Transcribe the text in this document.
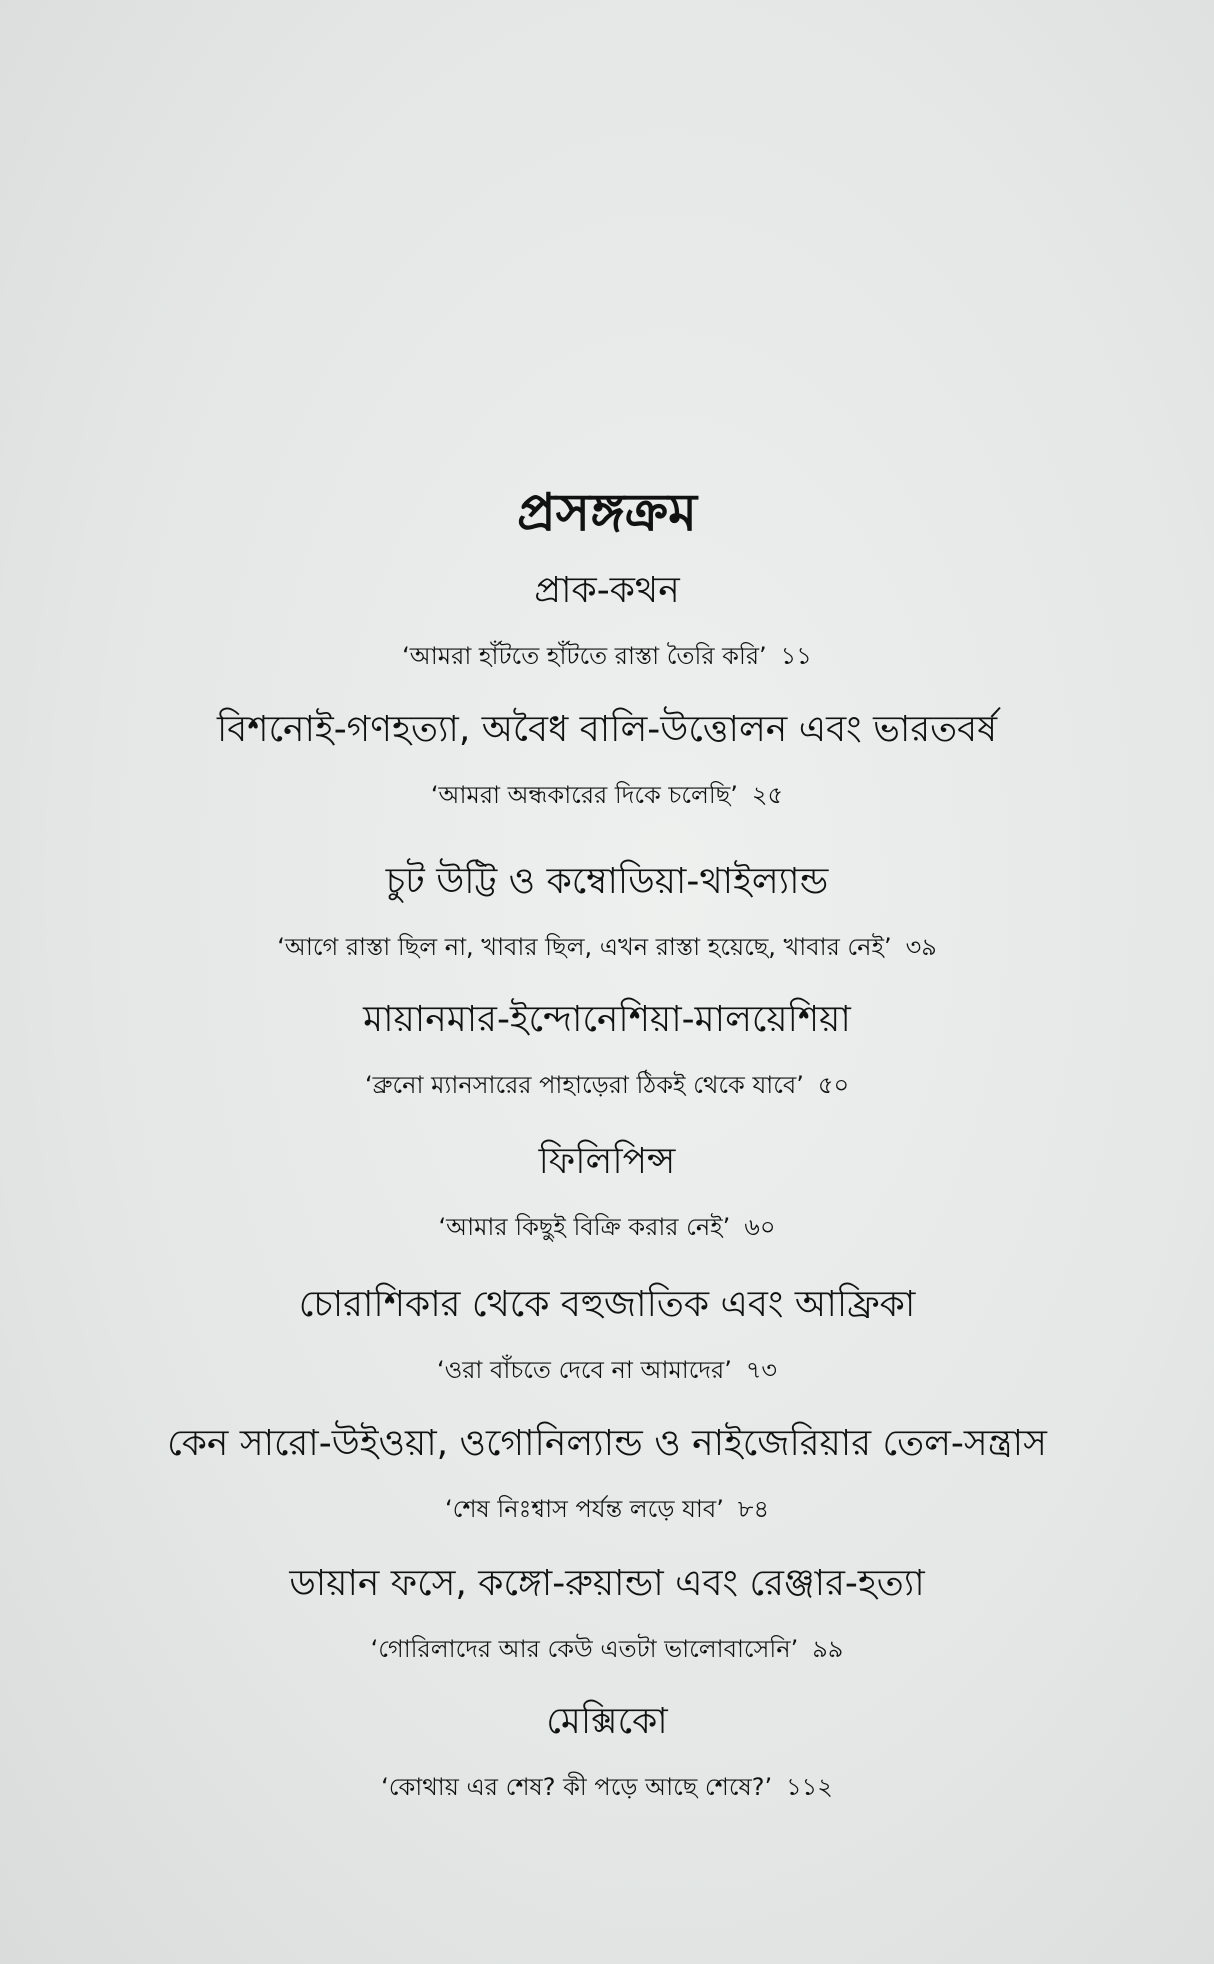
প্রসঙ্গক্রম
প্রাক-কথন
‘আমরা হাঁটতে হাঁটতে রাস্তা তৈরি করি’ ১১
বিশনোই-গণহত্যা, অবৈধ বালি-উত্তোলন এবং ভারতবর্ষ
‘আমরা অন্ধকারের দিকে চলেছি’ ২৫
চুট উট্টি ও কম্বোডিয়া-থাইল্যান্ড
‘আগে রাস্তা ছিল না, খাবার ছিল, এখন রাস্তা হয়েছে, খাবার নেই’ ৩৯
মায়ানমার-ইন্দোনেশিয়া-মালয়েশিয়া
‘ব্রুনো ম্যানসারের পাহাড়েরা ঠিকই থেকে যাবে’ ৫০
ফিলিপিন্স
‘আমার কিছুই বিক্রি করার নেই’ ৬০
চোরাশিকার থেকে বহুজাতিক এবং আফ্রিকা
‘ওরা বাঁচতে দেবে না আমাদের’ ৭৩
কেন সারো-উইওয়া, ওগোনিল্যান্ড ও নাইজেরিয়ার তেল-সন্ত্রাস
‘শেষ নিঃশ্বাস পর্যন্ত লড়ে যাব’ ৮৪
ডায়ান ফসে, কঙ্গো-রুয়ান্ডা এবং রেঞ্জার-হত্যা
‘গোরিলাদের আর কেউ এতটা ভালোবাসেনি’ ৯৯
মেক্সিকো
‘কোথায় এর শেষ? কী পড়ে আছে শেষে?’ ১১২
